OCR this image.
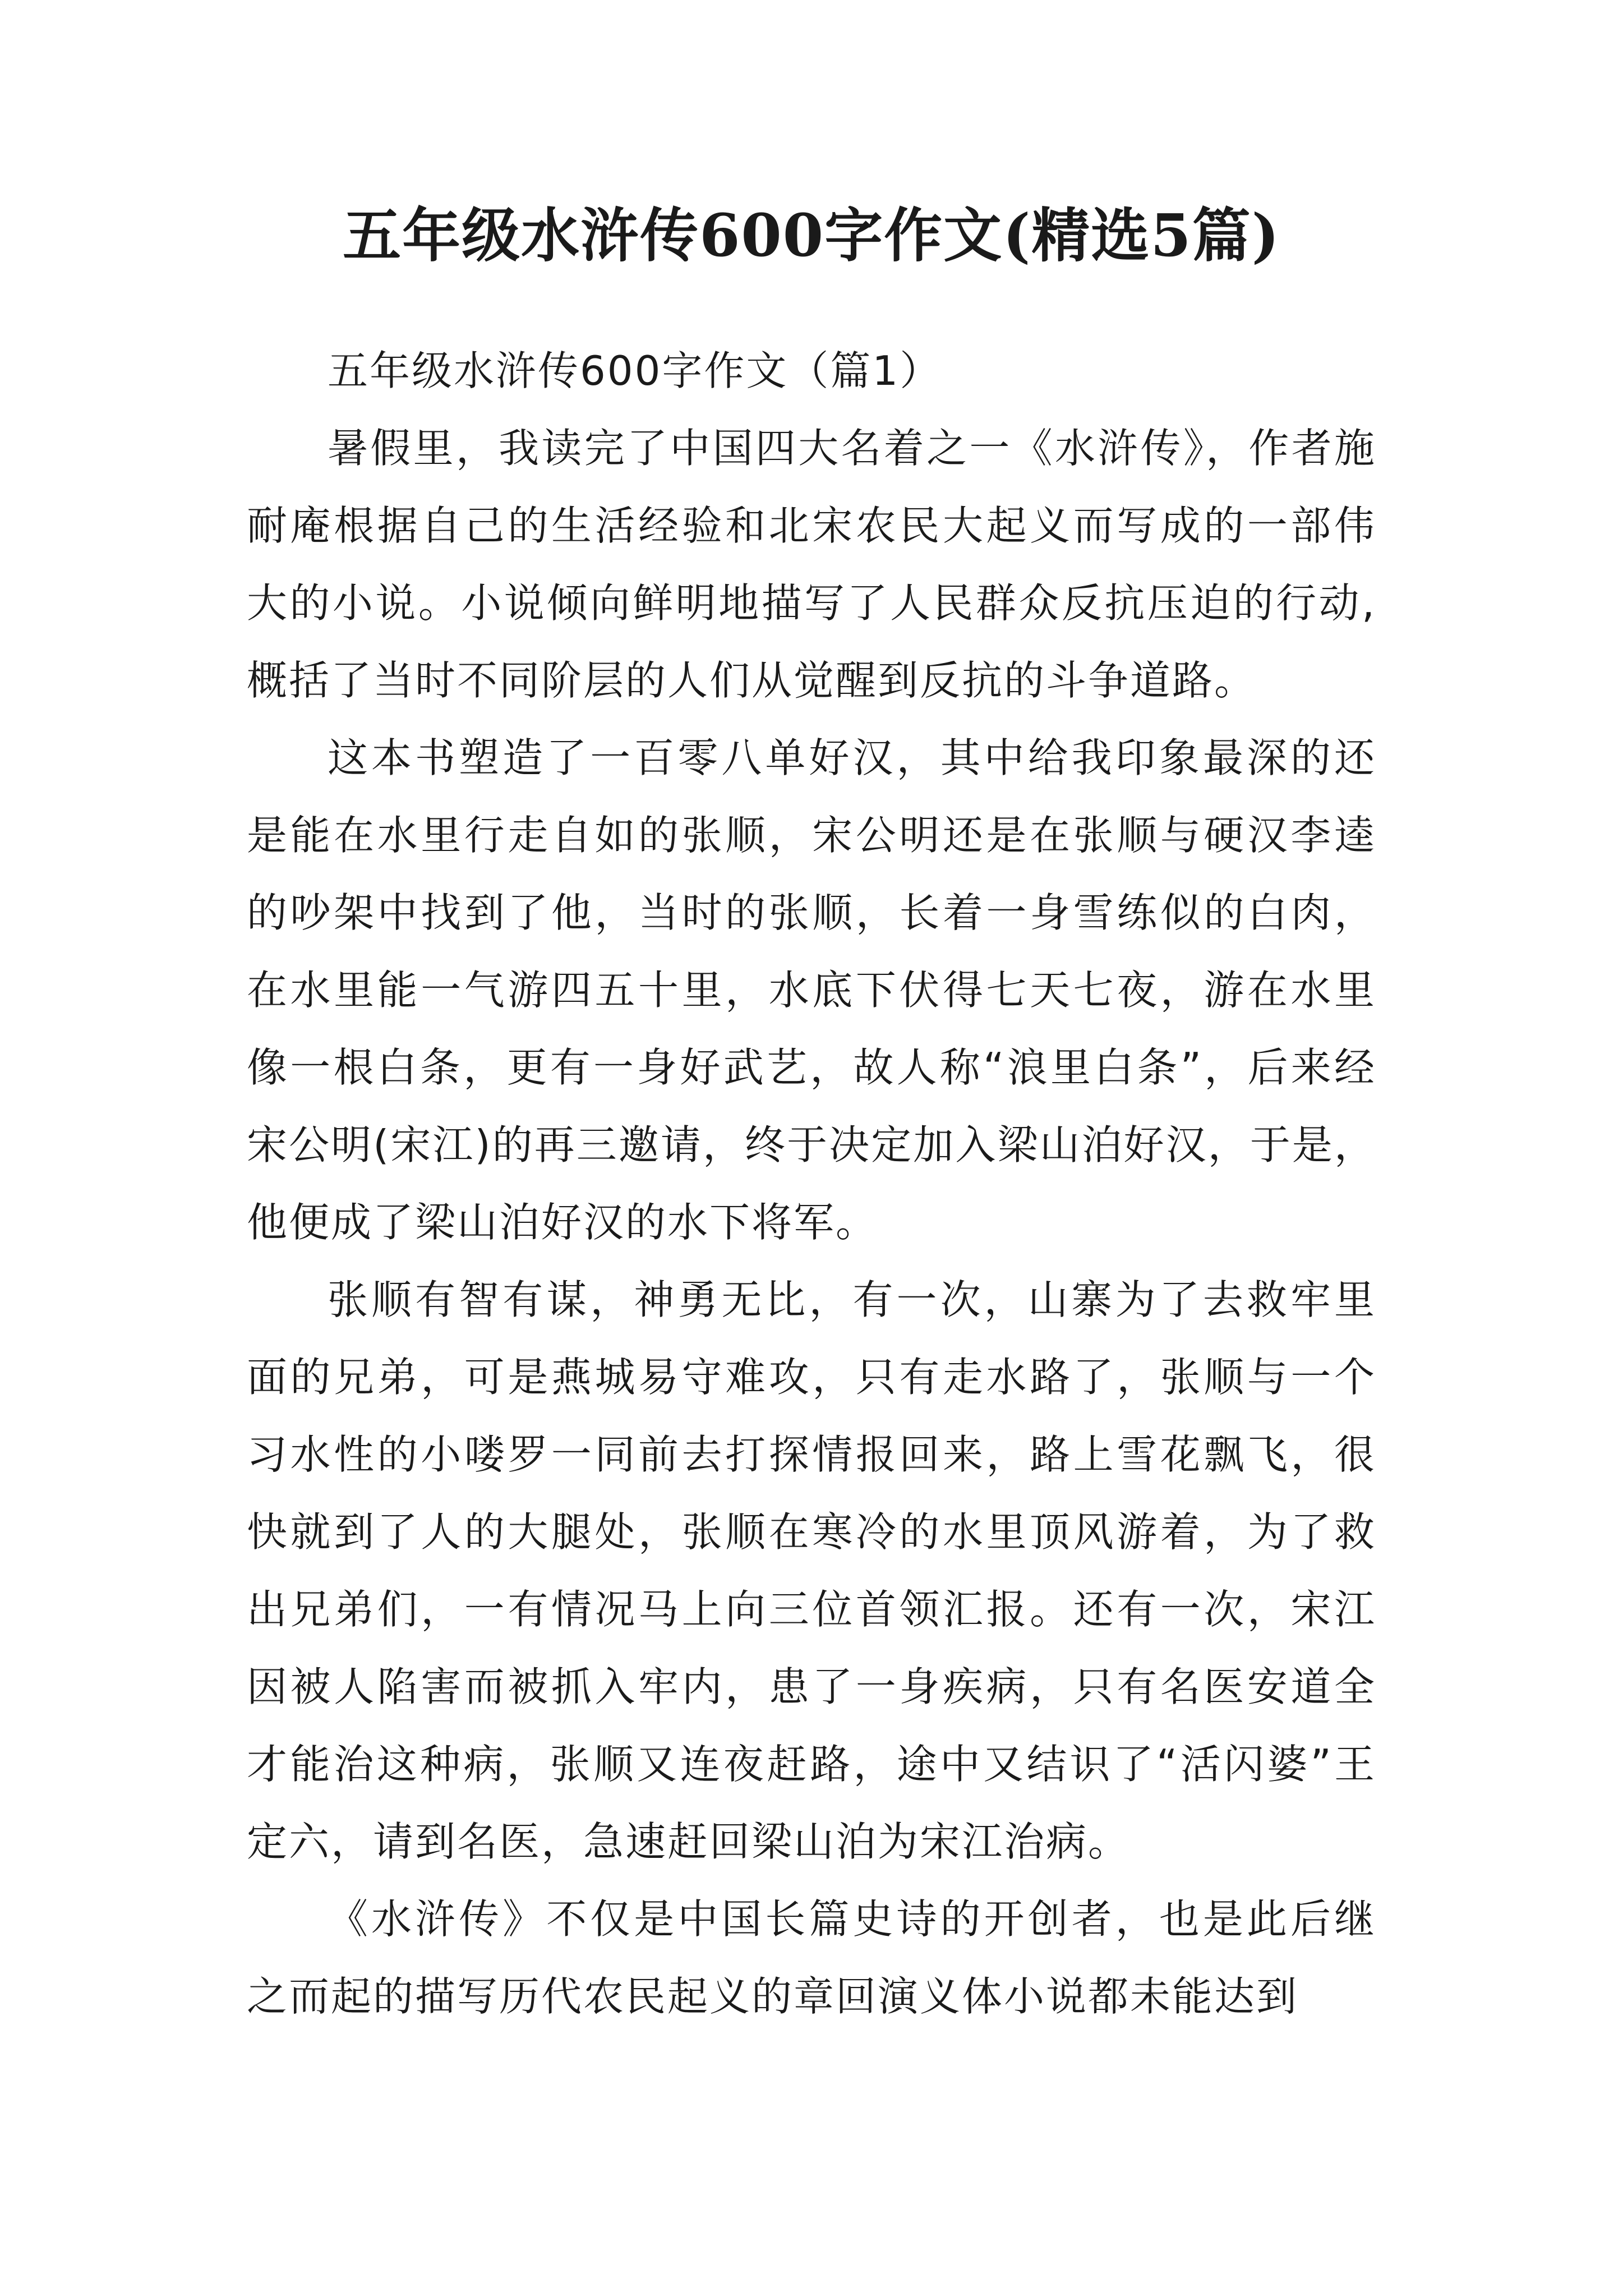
五年级水浒传600字作文(精选5篇)

五年级水浒传600字作文（篇1）

暑假里，我读完了中国四大名着之一《水浒传》，作者施耐庵根据自己的生活经验和北宋农民大起义而写成的一部伟大的小说。小说倾向鲜明地描写了人民群众反抗压迫的行动,概括了当时不同阶层的人们从觉醒到反抗的斗争道路。

这本书塑造了一百零八单好汉，其中给我印象最深的还是能在水里行走自如的张顺，宋公明还是在张顺与硬汉李逵的吵架中找到了他，当时的张顺，长着一身雪练似的白肉，在水里能一气游四五十里，水底下伏得七天七夜，游在水里像一根白条，更有一身好武艺，故人称“浪里白条”，后来经宋公明(宋江)的再三邀请，终于决定加入梁山泊好汉，于是，他便成了梁山泊好汉的水下将军。

张顺有智有谋，神勇无比，有一次，山寨为了去救牢里面的兄弟，可是燕城易守难攻，只有走水路了，张顺与一个习水性的小喽罗一同前去打探情报回来，路上雪花飘飞，很快就到了人的大腿处，张顺在寒冷的水里顶风游着，为了救出兄弟们，一有情况马上向三位首领汇报。还有一次，宋江因被人陷害而被抓入牢内，患了一身疾病，只有名医安道全才能治这种病，张顺又连夜赶路，途中又结识了“活闪婆”王定六，请到名医，急速赶回梁山泊为宋江治病。

《水浒传》不仅是中国长篇史诗的开创者，也是此后继之而起的描写历代农民起义的章回演义体小说都未能达到
